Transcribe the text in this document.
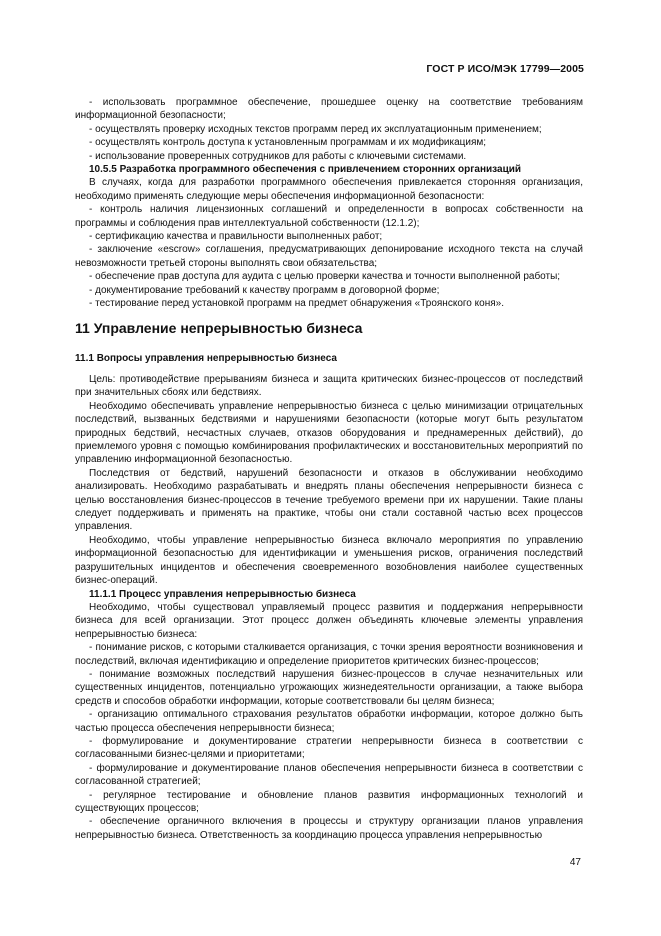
ГОСТ Р ИСО/МЭК 17799—2005

- использовать программное обеспечение, прошедшее оценку на соответствие требованиям информационной безопасности;

- осуществлять проверку исходных текстов программ перед их эксплуатационным применением;

- осуществлять контроль доступа к установленным программам и их модификациям;

- использование проверенных сотрудников для работы с ключевыми системами.

10.5.5 Разработка программного обеспечения с привлечением сторонних организаций

В случаях, когда для разработки программного обеспечения привлекается сторонняя организация, необходимо применять следующие меры обеспечения информационной безопасности:

- контроль наличия лицензионных соглашений и определенности в вопросах собственности на программы и соблюдения прав интеллектуальной собственности (12.1.2);

- сертификацию качества и правильности выполненных работ;

- заключение «escrow» соглашения, предусматривающих депонирование исходного текста на случай невозможности третьей стороны выполнять свои обязательства;

- обеспечение прав доступа для аудита с целью проверки качества и точности выполненной работы;

- документирование требований к качеству программ в договорной форме;

- тестирование перед установкой программ на предмет обнаружения «Троянского коня».

11 Управление непрерывностью бизнеса
11.1 Вопросы управления непрерывностью бизнеса

Цель: противодействие прерываниям бизнеса и защита критических бизнес-процессов от последствий при значительных сбоях или бедствиях.

Необходимо обеспечивать управление непрерывностью бизнеса с целью минимизации отрицательных последствий, вызванных бедствиями и нарушениями безопасности (которые могут быть результатом природных бедствий, несчастных случаев, отказов оборудования и преднамеренных действий), до приемлемого уровня с помощью комбинирования профилактических и восстановительных мероприятий по управлению информационной безопасностью.

Последствия от бедствий, нарушений безопасности и отказов в обслуживании необходимо анализировать. Необходимо разрабатывать и внедрять планы обеспечения непрерывности бизнеса с целью восстановления бизнес-процессов в течение требуемого времени при их нарушении. Такие планы следует поддерживать и применять на практике, чтобы они стали составной частью всех процессов управления.

Необходимо, чтобы управление непрерывностью бизнеса включало мероприятия по управлению информационной безопасностью для идентификации и уменьшения рисков, ограничения последствий разрушительных инцидентов и обеспечения своевременного возобновления наиболее существенных бизнес-операций.

11.1.1 Процесс управления непрерывностью бизнеса

Необходимо, чтобы существовал управляемый процесс развития и поддержания непрерывности бизнеса для всей организации. Этот процесс должен объединять ключевые элементы управления непрерывностью бизнеса:

- понимание рисков, с которыми сталкивается организация, с точки зрения вероятности возникновения и последствий, включая идентификацию и определение приоритетов критических бизнес-процессов;

- понимание возможных последствий нарушения бизнес-процессов в случае незначительных или существенных инцидентов, потенциально угрожающих жизнедеятельности организации, а также выбора средств и способов обработки информации, которые соответствовали бы целям бизнеса;

- организацию оптимального страхования результатов обработки информации, которое должно быть частью процесса обеспечения непрерывности бизнеса;

- формулирование и документирование стратегии непрерывности бизнеса в соответствии с согласованными бизнес-целями и приоритетами;

- формулирование и документирование планов обеспечения непрерывности бизнеса в соответствии с согласованной стратегией;

- регулярное тестирование и обновление планов развития информационных технологий и существующих процессов;

- обеспечение органичного включения в процессы и структуру организации планов управления непрерывностью бизнеса. Ответственность за координацию процесса управления непрерывностью

47
